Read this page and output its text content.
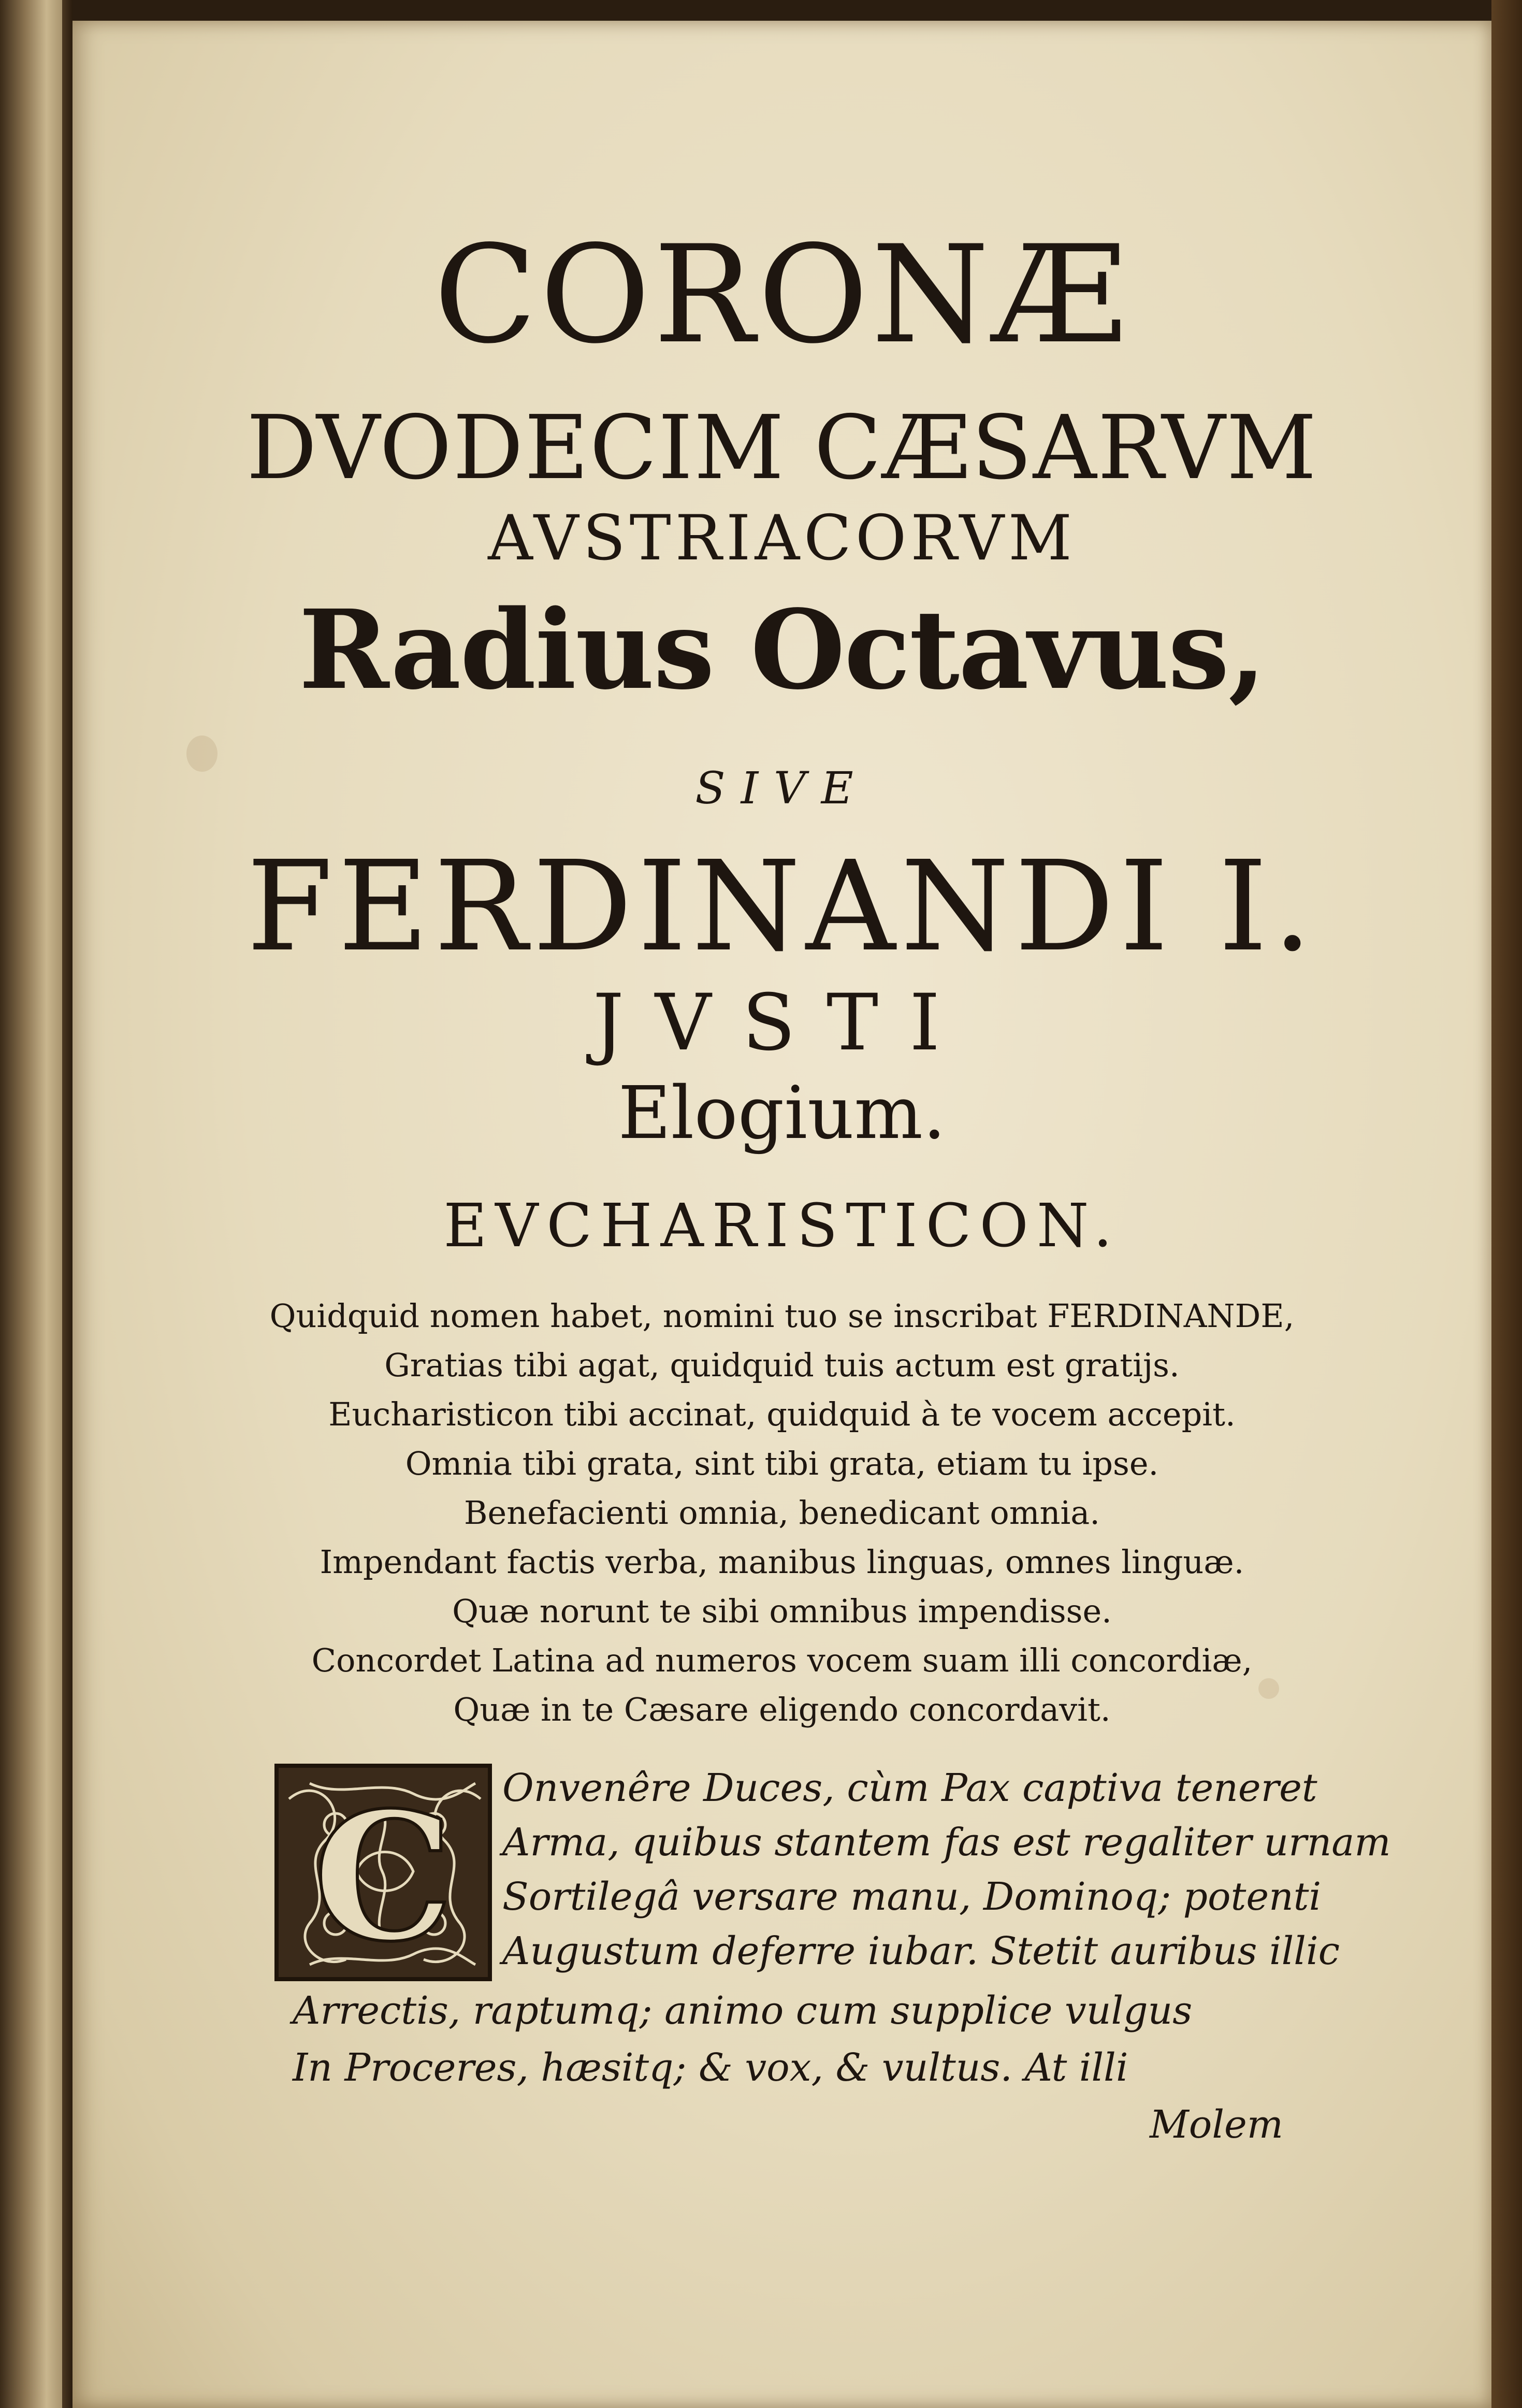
CORONÆ
DVODECIM CÆSARVM
AVSTRIACORVM
Radius Octavus,
SIVE
FERDINANDI I.
JVSTI
Elogium.
EVCHARISTICON.
Quidquid nomen habet, nomini tuo se inscribat FERDINANDE,
Gratias tibi agat, quidquid tuis actum est gratijs.
Eucharisticon tibi accinat, quidquid à te vocem accepit.
Omnia tibi grata, sint tibi grata, etiam tu ipse.
Benefacienti omnia, benedicant omnia.
Impendant factis verba, manibus linguas, omnes linguæ.
Quæ norunt te sibi omnibus impendisse.
Concordet Latina ad numeros vocem suam illi concordiæ,
Quæ in te Cæsare eligendo concordavit.
C Onvenêre Duces, cùm Pax captiva teneret
Arma, quibus stantem fas est regaliter urnam
Sortilegâ versare manu, Dominoq; potenti
Augustum deferre iubar. Stetit auribus illic
Arrectis, raptumq; animo cum supplice vulgus
In Proceres, hæsitq; & vox, & vultus. At illi
Molem
